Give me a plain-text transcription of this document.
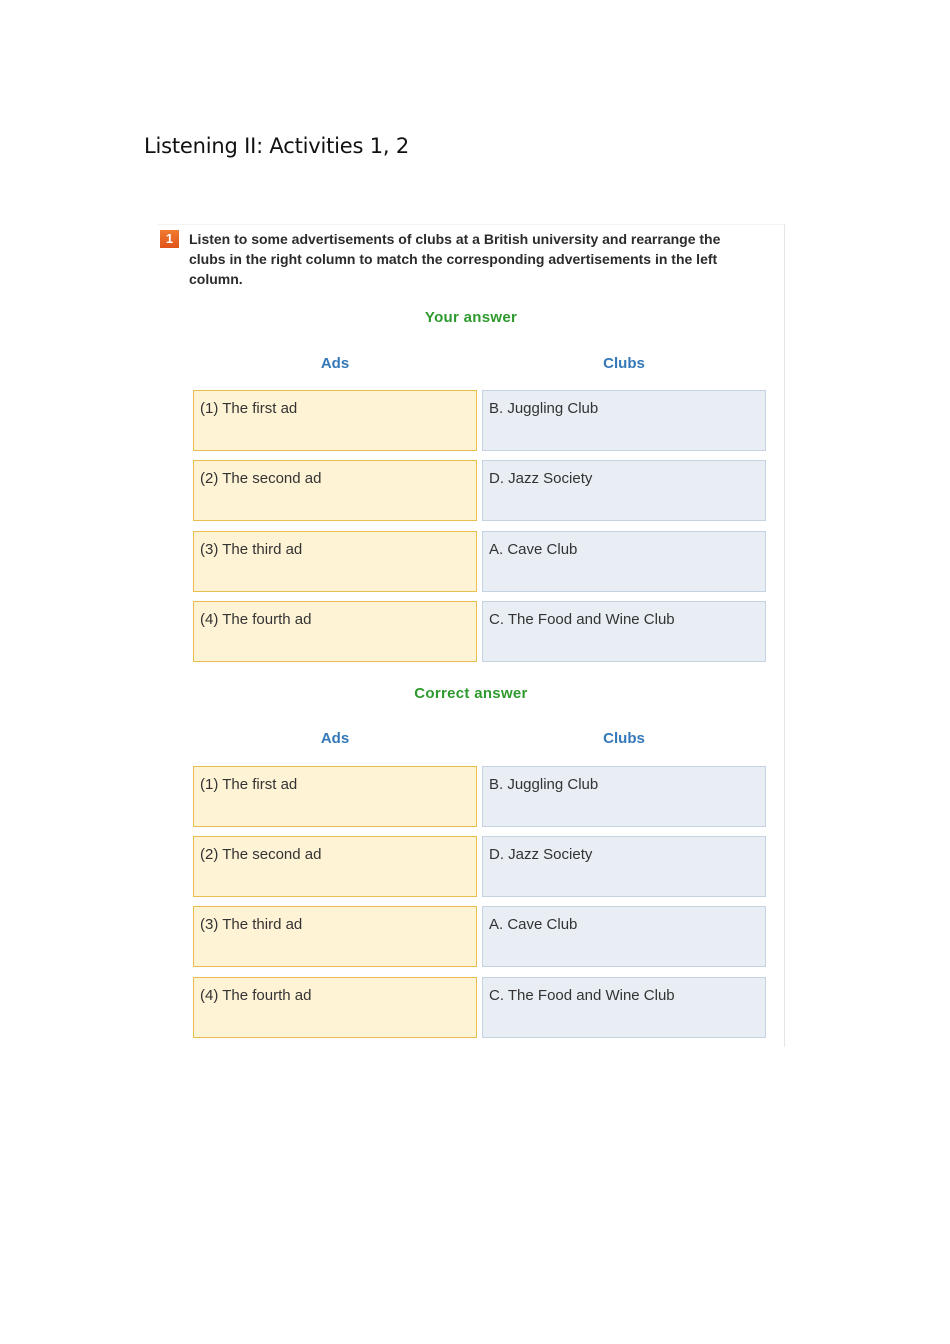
Listening II: Activities 1, 2
1	Listen to some advertisements of clubs at a British university and rearrange the clubs in the right column to match the corresponding advertisements in the left column.

Your answer
Ads	Clubs
(1) The first ad	B. Juggling Club
(2) The second ad	D. Jazz Society
(3) The third ad	A. Cave Club
(4) The fourth ad	C. The Food and Wine Club
Correct answer
Ads	Clubs
(1) The first ad	B. Juggling Club
(2) The second ad	D. Jazz Society
(3) The third ad	A. Cave Club
(4) The fourth ad	C. The Food and Wine Club
